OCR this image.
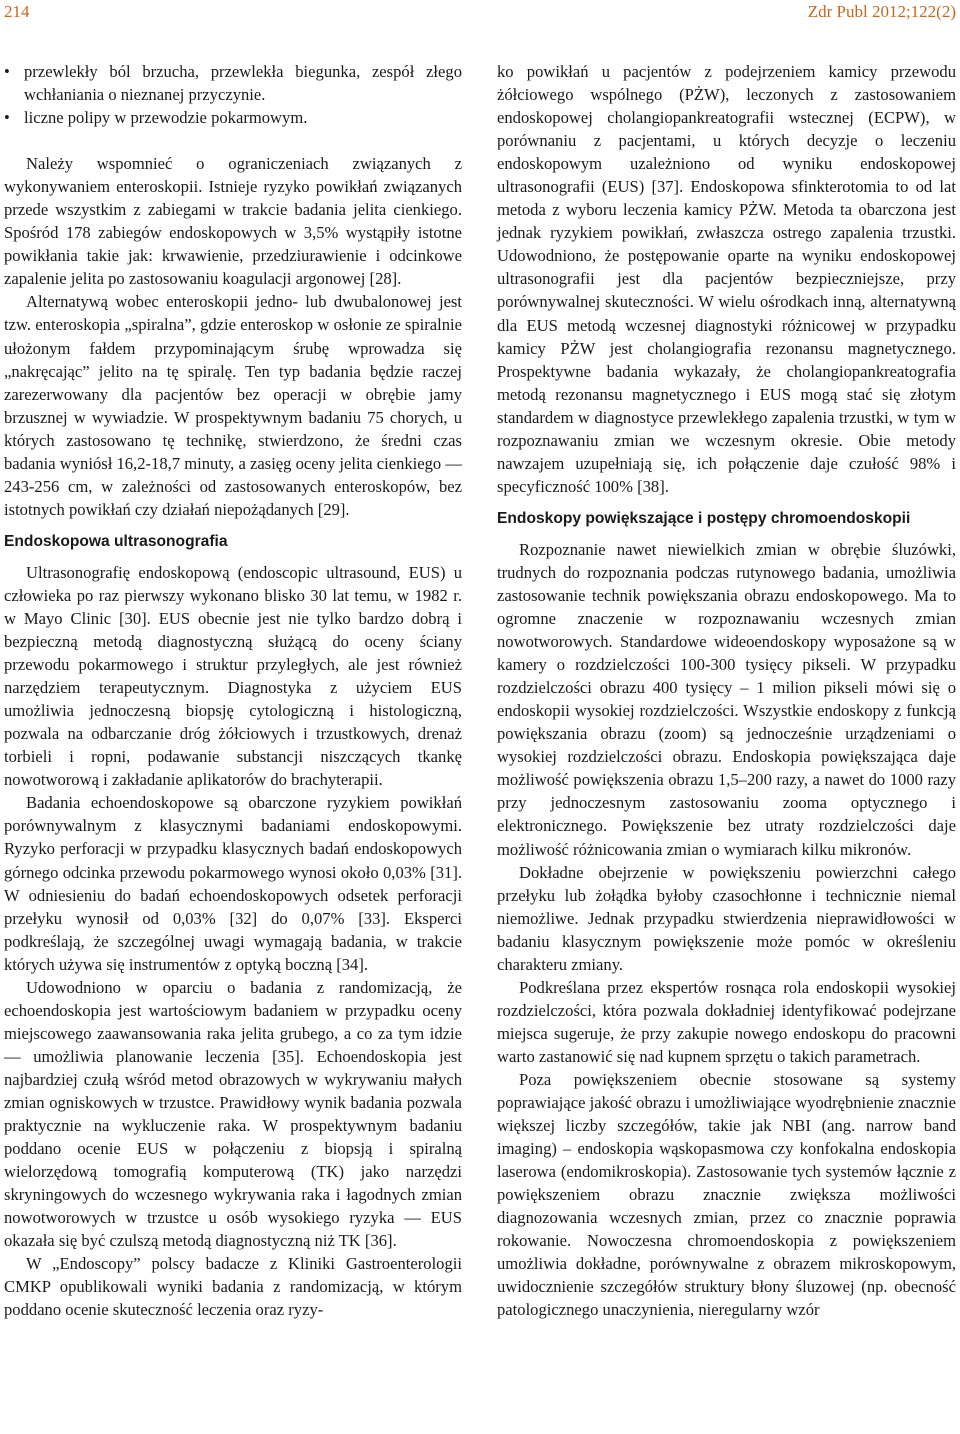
214	Zdr Publ 2012;122(2)
• przewlekły ból brzucha, przewlekła biegunka, zespół złego wchłaniania o nieznanej przyczynie.
• liczne polipy w przewodzie pokarmowym.

Należy wspomnieć o ograniczeniach związanych z wykonywaniem enteroskopii. Istnieje ryzyko powikłań związanych przede wszystkim z zabiegami w trakcie badania jelita cienkiego. Spośród 178 zabiegów endoskopowych w 3,5% wystąpiły istotne powikłania takie jak: krwawienie, przedziurawienie i odcinkowe zapalenie jelita po zastosowaniu koagulacji argonowej [28].

Alternatywą wobec enteroskopii jedno- lub dwubalonowej jest tzw. enteroskopia „spiralna”, gdzie enteroskop w osłonie ze spiralnie ułożonym fałdem przypominającym śrubę wprowadza się „nakręcając” jelito na tę spiralę. Ten typ badania będzie raczej zarezerwowany dla pacjentów bez operacji w obrębie jamy brzusznej w wywiadzie. W prospektywnym badaniu 75 chorych, u których zastosowano tę technikę, stwierdzono, że średni czas badania wyniósł 16,2-18,7 minuty, a zasięg oceny jelita cienkiego — 243-256 cm, w zależności od zastosowanych enteroskopów, bez istotnych powikłań czy działań niepożądanych [29].

Endoskopowa ultrasonografia

Ultrasonografię endoskopową (endoscopic ultrasound, EUS) u człowieka po raz pierwszy wykonano blisko 30 lat temu, w 1982 r. w Mayo Clinic [30]. EUS obecnie jest nie tylko bardzo dobrą i bezpieczną metodą diagnostyczną służącą do oceny ściany przewodu pokarmowego i struktur przyległych, ale jest również narzędziem terapeutycznym. Diagnostyka z użyciem EUS umożliwia jednoczesną biopsję cytologiczną i histologiczną, pozwala na odbarczanie dróg żółciowych i trzustkowych, drenaż torbieli i ropni, podawanie substancji niszczących tkankę nowotworową i zakładanie aplikatorów do brachyterapii.

Badania echoendoskopowe są obarczone ryzykiem powikłań porównywalnym z klasycznymi badaniami endoskopowymi. Ryzyko perforacji w przypadku klasycznych badań endoskopowych górnego odcinka przewodu pokarmowego wynosi około 0,03% [31]. W odniesieniu do badań echoendoskopowych odsetek perforacji przełyku wynosił od 0,03% [32] do 0,07% [33]. Eksperci podkreślają, że szczególnej uwagi wymagają badania, w trakcie których używa się instrumentów z optyką boczną [34].

Udowodniono w oparciu o badania z randomizacją, że echoendoskopia jest wartościowym badaniem w przypadku oceny miejscowego zaawansowania raka jelita grubego, a co za tym idzie — umożliwia planowanie leczenia [35]. Echoendoskopia jest najbardziej czułą wśród metod obrazowych w wykrywaniu małych zmian ogniskowych w trzustce. Prawidłowy wynik badania pozwala praktycznie na wykluczenie raka. W prospektywnym badaniu poddano ocenie EUS w połączeniu z biopsją i spiralną wielorzędową tomografią komputerową (TK) jako narzędzi skryningowych do wczesnego wykrywania raka i łagodnych zmian nowotworowych w trzustce u osób wysokiego ryzyka — EUS okazała się być czulszą metodą diagnostyczną niż TK [36].

W „Endoscopy” polscy badacze z Kliniki Gastroenterologii CMKP opublikowali wyniki badania z randomizacją, w którym poddano ocenie skuteczność leczenia oraz ryzy-

ko powikłań u pacjentów z podejrzeniem kamicy przewodu żółciowego wspólnego (PŻW), leczonych z zastosowaniem endoskopowej cholangiopankreatografii wstecznej (ECPW), w porównaniu z pacjentami, u których decyzje o leczeniu endoskopowym uzależniono od wyniku endoskopowej ultrasonografii (EUS) [37]. Endoskopowa sfinkterotomia to od lat metoda z wyboru leczenia kamicy PŻW. Metoda ta obarczona jest jednak ryzykiem powikłań, zwłaszcza ostrego zapalenia trzustki. Udowodniono, że postępowanie oparte na wyniku endoskopowej ultrasonografii jest dla pacjentów bezpieczniejsze, przy porównywalnej skuteczności. W wielu ośrodkach inną, alternatywną dla EUS metodą wczesnej diagnostyki różnicowej w przypadku kamicy PŻW jest cholangiografia rezonansu magnetycznego. Prospektywne badania wykazały, że cholangiopankreatografia metodą rezonansu magnetycznego i EUS mogą stać się złotym standardem w diagnostyce przewlekłego zapalenia trzustki, w tym w rozpoznawaniu zmian we wczesnym okresie. Obie metody nawzajem uzupełniają się, ich połączenie daje czułość 98% i specyficzność 100% [38].

Endoskopy powiększające i postępy chromoendoskopii

Rozpoznanie nawet niewielkich zmian w obrębie śluzówki, trudnych do rozpoznania podczas rutynowego badania, umożliwia zastosowanie technik powiększania obrazu endoskopowego. Ma to ogromne znaczenie w rozpoznawaniu wczesnych zmian nowotworowych. Standardowe wideoendoskopy wyposażone są w kamery o rozdzielczości 100-300 tysięcy pikseli. W przypadku rozdzielczości obrazu 400 tysięcy – 1 milion pikseli mówi się o endoskopii wysokiej rozdzielczości. Wszystkie endoskopy z funkcją powiększania obrazu (zoom) są jednocześnie urządzeniami o wysokiej rozdzielczości obrazu. Endoskopia powiększająca daje możliwość powiększenia obrazu 1,5–200 razy, a nawet do 1000 razy przy jednoczesnym zastosowaniu zooma optycznego i elektronicznego. Powiększenie bez utraty rozdzielczości daje możliwość różnicowania zmian o wymiarach kilku mikronów.

Dokładne obejrzenie w powiększeniu powierzchni całego przełyku lub żołądka byłoby czasochłonne i technicznie niemal niemożliwe. Jednak przypadku stwierdzenia nieprawidłowości w badaniu klasycznym powiększenie może pomóc w określeniu charakteru zmiany.

Podkreślana przez ekspertów rosnąca rola endoskopii wysokiej rozdzielczości, która pozwala dokładniej identyfikować podejrzane miejsca sugeruje, że przy zakupie nowego endoskopu do pracowni warto zastanowić się nad kupnem sprzętu o takich parametrach.

Poza powiększeniem obecnie stosowane są systemy poprawiające jakość obrazu i umożliwiające wyodrębnienie znacznie większej liczby szczegółów, takie jak NBI (ang. narrow band imaging) – endoskopia wąskopasmowa czy konfokalna endoskopia laserowa (endomikroskopia). Zastosowanie tych systemów łącznie z powiększeniem obrazu znacznie zwiększa możliwości diagnozowania wczesnych zmian, przez co znacznie poprawia rokowanie. Nowoczesna chromoendoskopia z powiększeniem umożliwia dokładne, porównywalne z obrazem mikroskopowym, uwidocznienie szczegółów struktury błony śluzowej (np. obecność patologicznego unaczynienia, nieregularny wzór
